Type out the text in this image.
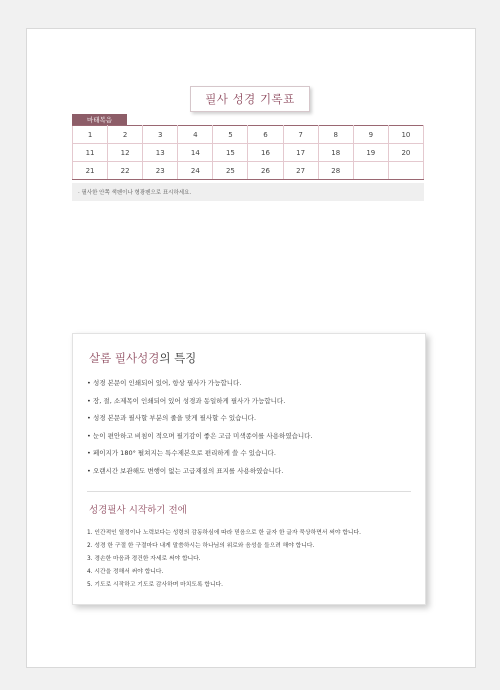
필사 성경 기록표
마태복음
1	2	3	4	5	6	7	8	9	10
11	12	13	14	15	16	17	18	19	20
21	22	23	24	25	26	27	28		
· 필사한 안쪽 색펜이나 형광펜으로 표시하세요.
살롬 필사성경의 특징
• 성경 본문이 인쇄되어 있어, 항상 필사가 가능합니다.
• 장, 절, 소제목이 인쇄되어 있어 성경과 동일하게 필사가 가능합니다.
• 성경 본문과 필사할 부분의 줄을 맞게 필사할 수 있습니다.
• 눈이 편안하고 비침이 적으며 필기감이 좋은 고급 미색종이를 사용하였습니다.
• 페이지가 180° 펼쳐지는 특수제본으로 편리하게 쓸 수 있습니다.
• 오랜시간 보관해도 변행이 없는 고급재질의 표지를 사용하였습니다.
성경필사 시작하기 전에
1. 인간적인 열정이나 노력보다는 성령의 감동하심에 따라 믿음으로 한 글자 한 글자 묵상하면서 써야 합니다.
2. 성경 한 구절 한 구절마다 내게 말씀하시는 하나님의 위로와 음성을 들으려 해야 합니다.
3. 경손한 마음과 경건한 자세로 써야 합니다.
4. 시간을 정해서 써야 합니다.
5. 기도로 시작하고 기도로 감사하며 마치도록 합니다.
